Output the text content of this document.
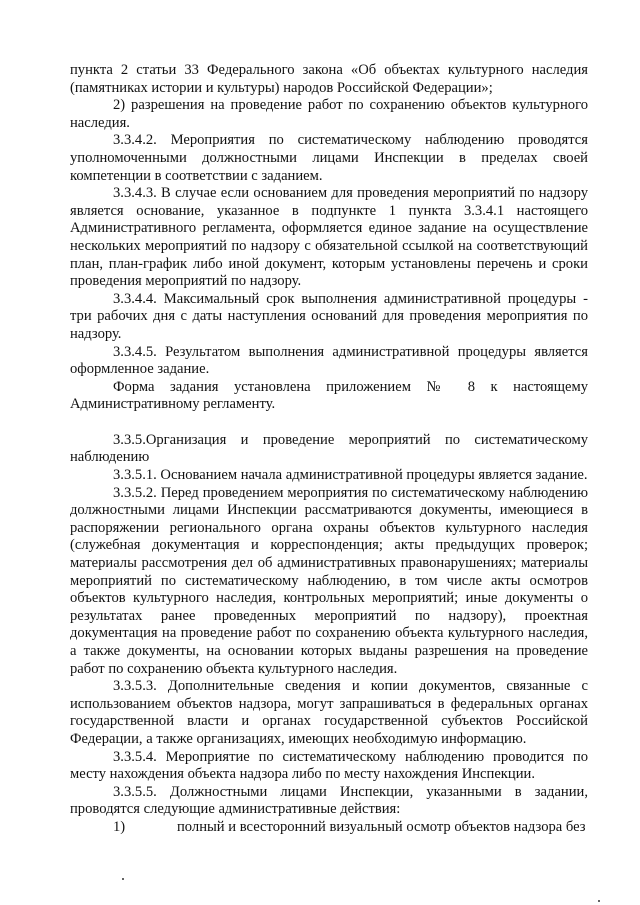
пункта 2 статьи 33 Федерального закона «Об объектах культурного наследия (памятниках истории и культуры) народов Российской Федерации»;

2) разрешения на проведение работ по сохранению объектов культурного наследия.

3.3.4.2. Мероприятия по систематическому наблюдению проводятся уполномоченными должностными лицами Инспекции в пределах своей компетенции в соответствии с заданием.

3.3.4.3. В случае если основанием для проведения мероприятий по надзору является основание, указанное в подпункте 1 пункта 3.3.4.1 настоящего Административного регламента, оформляется единое задание на осуществление нескольких мероприятий по надзору с обязательной ссылкой на соответствующий план, план-график либо иной документ, которым установлены перечень и сроки проведения мероприятий по надзору.

3.3.4.4. Максимальный срок выполнения административной процедуры - три рабочих дня с даты наступления оснований для проведения мероприятия по надзору.

3.3.4.5. Результатом выполнения административной процедуры является оформленное задание.

Форма задания установлена приложением № 8 к настоящему Административному регламенту.

3.3.5.Организация и проведение мероприятий по систематическому наблюдению

3.3.5.1. Основанием начала административной процедуры является задание.

3.3.5.2. Перед проведением мероприятия по систематическому наблюдению должностными лицами Инспекции рассматриваются документы, имеющиеся в распоряжении регионального органа охраны объектов культурного наследия (служебная документация и корреспонденция; акты предыдущих проверок; материалы рассмотрения дел об административных правонарушениях; материалы мероприятий по систематическому наблюдению, в том числе акты осмотров объектов культурного наследия, контрольных мероприятий; иные документы о результатах ранее проведенных мероприятий по надзору), проектная документация на проведение работ по сохранению объекта культурного наследия, а также документы, на основании которых выданы разрешения на проведение работ по сохранению объекта культурного наследия.

3.3.5.3. Дополнительные сведения и копии документов, связанные с использованием объектов надзора, могут запрашиваться в федеральных органах государственной власти и органах государственной субъектов Российской Федерации, а также организациях, имеющих необходимую информацию.

3.3.5.4. Мероприятие по систематическому наблюдению проводится по месту нахождения объекта надзора либо по месту нахождения Инспекции.

3.3.5.5. Должностными лицами Инспекции, указанными в задании, проводятся следующие административные действия:

1)	полный и всесторонний визуальный осмотр объектов надзора без
